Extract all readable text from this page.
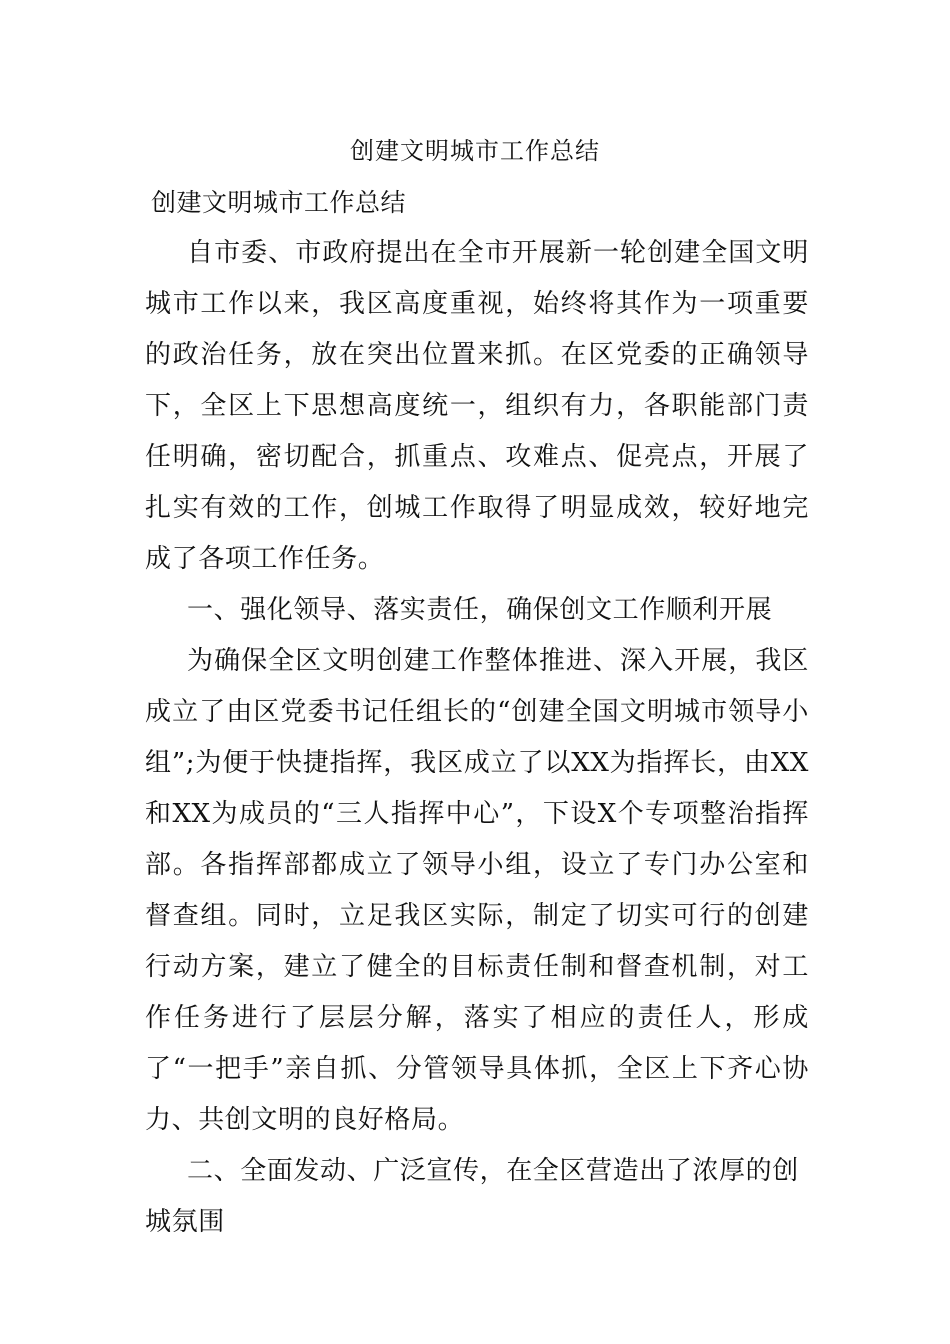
创建文明城市工作总结

创建文明城市工作总结

自市委、市政府提出在全市开展新一轮创建全国文明城市工作以来，我区高度重视，始终将其作为一项重要的政治任务，放在突出位置来抓。在区党委的正确领导下，全区上下思想高度统一，组织有力，各职能部门责任明确，密切配合，抓重点、攻难点、促亮点，开展了扎实有效的工作，创城工作取得了明显成效，较好地完成了各项工作任务。

一、强化领导、落实责任，确保创文工作顺利开展

为确保全区文明创建工作整体推进、深入开展，我区成立了由区党委书记任组长的“创建全国文明城市领导小组”;为便于快捷指挥，我区成立了以XX为指挥长，由XX和XX为成员的“三人指挥中心”，下设X个专项整治指挥部。各指挥部都成立了领导小组，设立了专门办公室和督查组。同时，立足我区实际，制定了切实可行的创建行动方案，建立了健全的目标责任制和督查机制，对工作任务进行了层层分解，落实了相应的责任人，形成了“一把手”亲自抓、分管领导具体抓，全区上下齐心协力、共创文明的良好格局。

二、全面发动、广泛宣传，在全区营造出了浓厚的创城氛围
